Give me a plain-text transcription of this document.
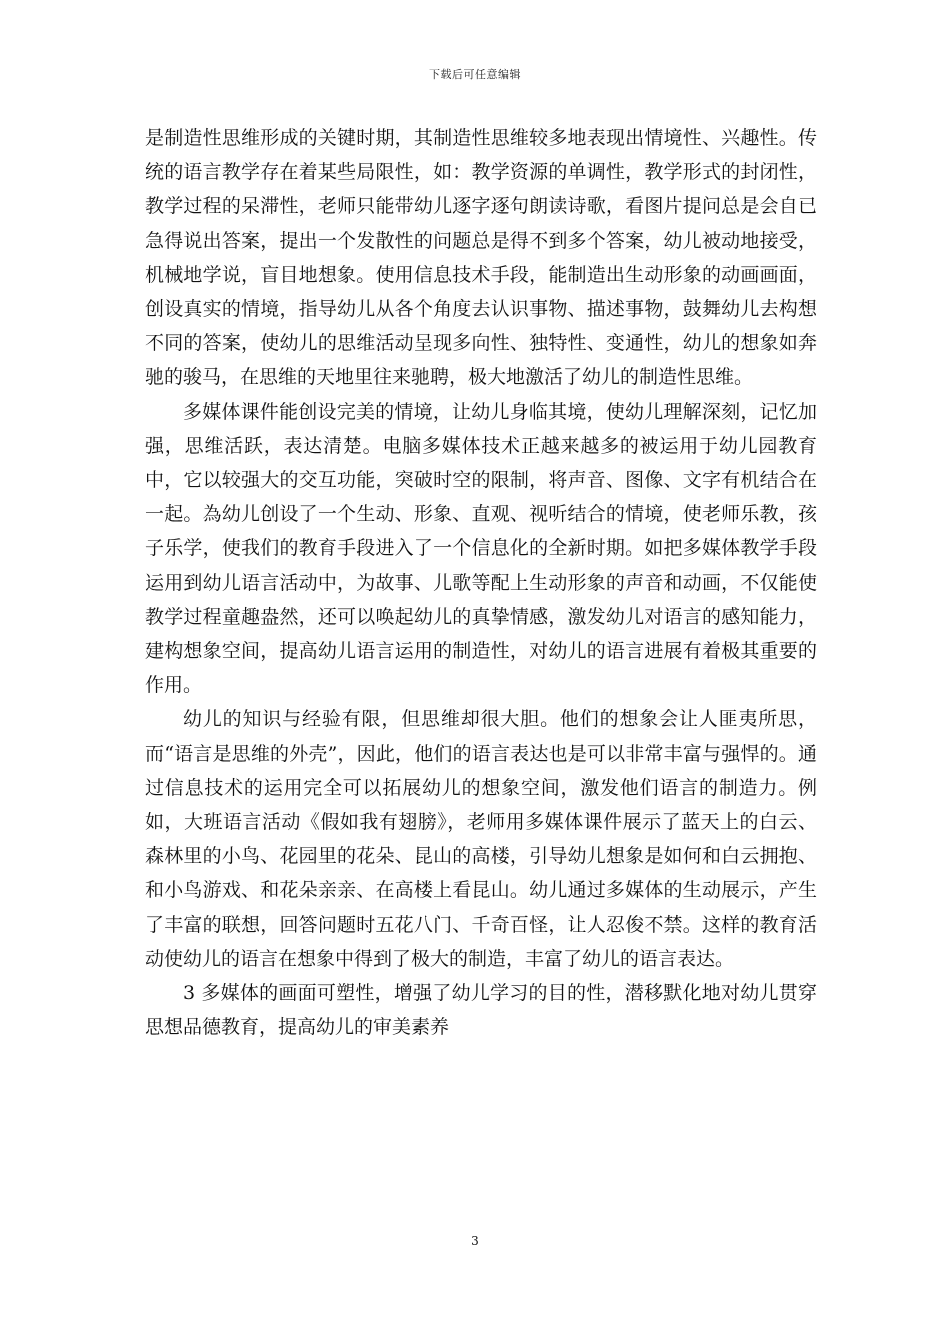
下载后可任意编辑

是制造性思维形成的关键时期，其制造性思维较多地表现出情境性、兴趣性。传统的语言教学存在着某些局限性，如：教学资源的单调性，教学形式的封闭性，教学过程的呆滞性，老师只能带幼儿逐字逐句朗读诗歌，看图片提问总是会自已急得说出答案，提出一个发散性的问题总是得不到多个答案，幼儿被动地接受，机械地学说，盲目地想象。使用信息技术手段，能制造出生动形象的动画画面，创设真实的情境，指导幼儿从各个角度去认识事物、描述事物，鼓舞幼儿去构想不同的答案，使幼儿的思维活动呈现多向性、独特性、变通性，幼儿的想象如奔驰的骏马，在思维的天地里往来驰聘，极大地激活了幼儿的制造性思维。

多媒体课件能创设完美的情境，让幼儿身临其境，使幼儿理解深刻，记忆加强，思维活跃，表达清楚。电脑多媒体技术正越来越多的被运用于幼儿园教育中，它以较强大的交互功能，突破时空的限制，将声音、图像、文字有机结合在一起。為幼儿创设了一个生动、形象、直观、视听结合的情境，使老师乐教，孩子乐学，使我们的教育手段进入了一个信息化的全新时期。如把多媒体教学手段运用到幼儿语言活动中，为故事、儿歌等配上生动形象的声音和动画，不仅能使教学过程童趣盎然，还可以唤起幼儿的真挚情感，激发幼儿对语言的感知能力，建构想象空间，提高幼儿语言运用的制造性，对幼儿的语言进展有着极其重要的作用。

幼儿的知识与经验有限，但思维却很大胆。他们的想象会让人匪夷所思，而“语言是思维的外壳”，因此，他们的语言表达也是可以非常丰富与强悍的。通过信息技术的运用完全可以拓展幼儿的想象空间，激发他们语言的制造力。例如，大班语言活动《假如我有翅膀》，老师用多媒体课件展示了蓝天上的白云、森林里的小鸟、花园里的花朵、昆山的高楼，引导幼儿想象是如何和白云拥抱、和小鸟游戏、和花朵亲亲、在高楼上看昆山。幼儿通过多媒体的生动展示，产生了丰富的联想，回答问题时五花八门、千奇百怪，让人忍俊不禁。这样的教育活动使幼儿的语言在想象中得到了极大的制造，丰富了幼儿的语言表达。

3 多媒体的画面可塑性，增强了幼儿学习的目的性，潜移默化地对幼儿贯穿思想品德教育，提高幼儿的审美素养

3
